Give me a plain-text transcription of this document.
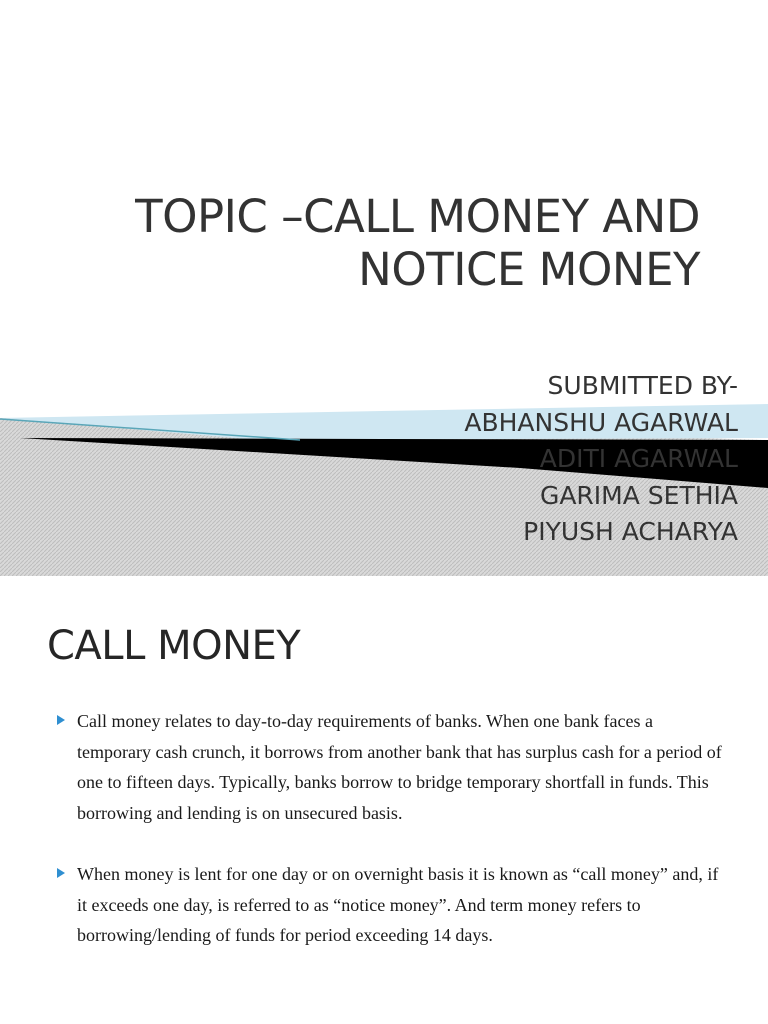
TOPIC –CALL MONEY AND
NOTICE MONEY
SUBMITTED BY-
ABHANSHU AGARWAL
ADITI AGARWAL
GARIMA SETHIA
PIYUSH ACHARYA
CALL MONEY
Call money relates to day-to-day requirements of banks. When one bank faces a temporary cash crunch, it borrows from another bank that has surplus cash for a period of one to fifteen days. Typically, banks borrow to bridge temporary shortfall in funds. This borrowing and lending is on unsecured basis.
When money is lent for one day or on overnight basis it is known as “call money” and, if it exceeds one day, is referred to as “notice money”. And term money refers to borrowing/lending of funds for period exceeding 14 days.
